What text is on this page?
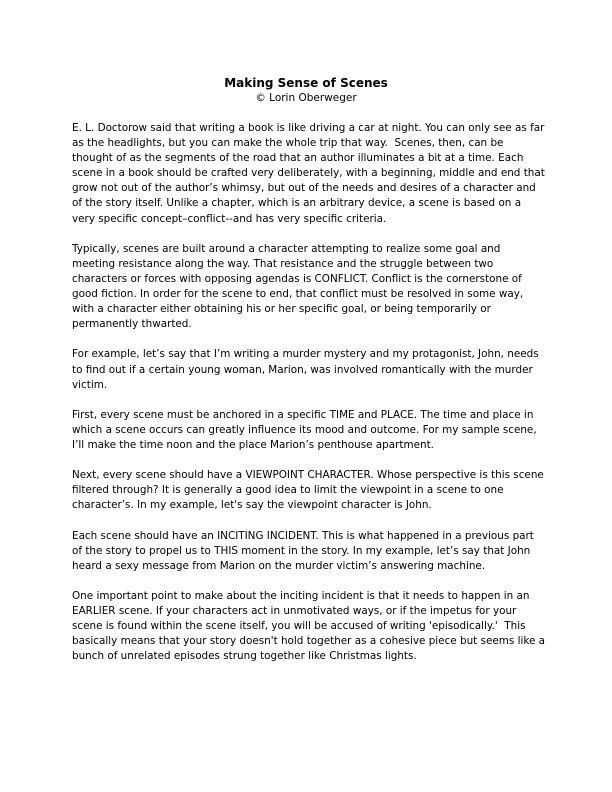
Making Sense of Scenes
© Lorin Oberweger

E. L. Doctorow said that writing a book is like driving a car at night. You can only see as far as the headlights, but you can make the whole trip that way.  Scenes, then, can be thought of as the segments of the road that an author illuminates a bit at a time. Each scene in a book should be crafted very deliberately, with a beginning, middle and end that grow not out of the author’s whimsy, but out of the needs and desires of a character and of the story itself. Unlike a chapter, which is an arbitrary device, a scene is based on a very specific concept–conflict--and has very specific criteria.

Typically, scenes are built around a character attempting to realize some goal and meeting resistance along the way. That resistance and the struggle between two characters or forces with opposing agendas is CONFLICT. Conflict is the cornerstone of good fiction. In order for the scene to end, that conflict must be resolved in some way, with a character either obtaining his or her specific goal, or being temporarily or permanently thwarted.

For example, let’s say that I’m writing a murder mystery and my protagonist, John, needs to find out if a certain young woman, Marion, was involved romantically with the murder victim.

First, every scene must be anchored in a specific TIME and PLACE. The time and place in which a scene occurs can greatly influence its mood and outcome. For my sample scene, I’ll make the time noon and the place Marion’s penthouse apartment.

Next, every scene should have a VIEWPOINT CHARACTER. Whose perspective is this scene filtered through? It is generally a good idea to limit the viewpoint in a scene to one character’s. In my example, let's say the viewpoint character is John.

Each scene should have an INCITING INCIDENT. This is what happened in a previous part of the story to propel us to THIS moment in the story. In my example, let’s say that John heard a sexy message from Marion on the murder victim’s answering machine.

One important point to make about the inciting incident is that it needs to happen in an EARLIER scene. If your characters act in unmotivated ways, or if the impetus for your scene is found within the scene itself, you will be accused of writing 'episodically.'  This basically means that your story doesn't hold together as a cohesive piece but seems like a bunch of unrelated episodes strung together like Christmas lights.
